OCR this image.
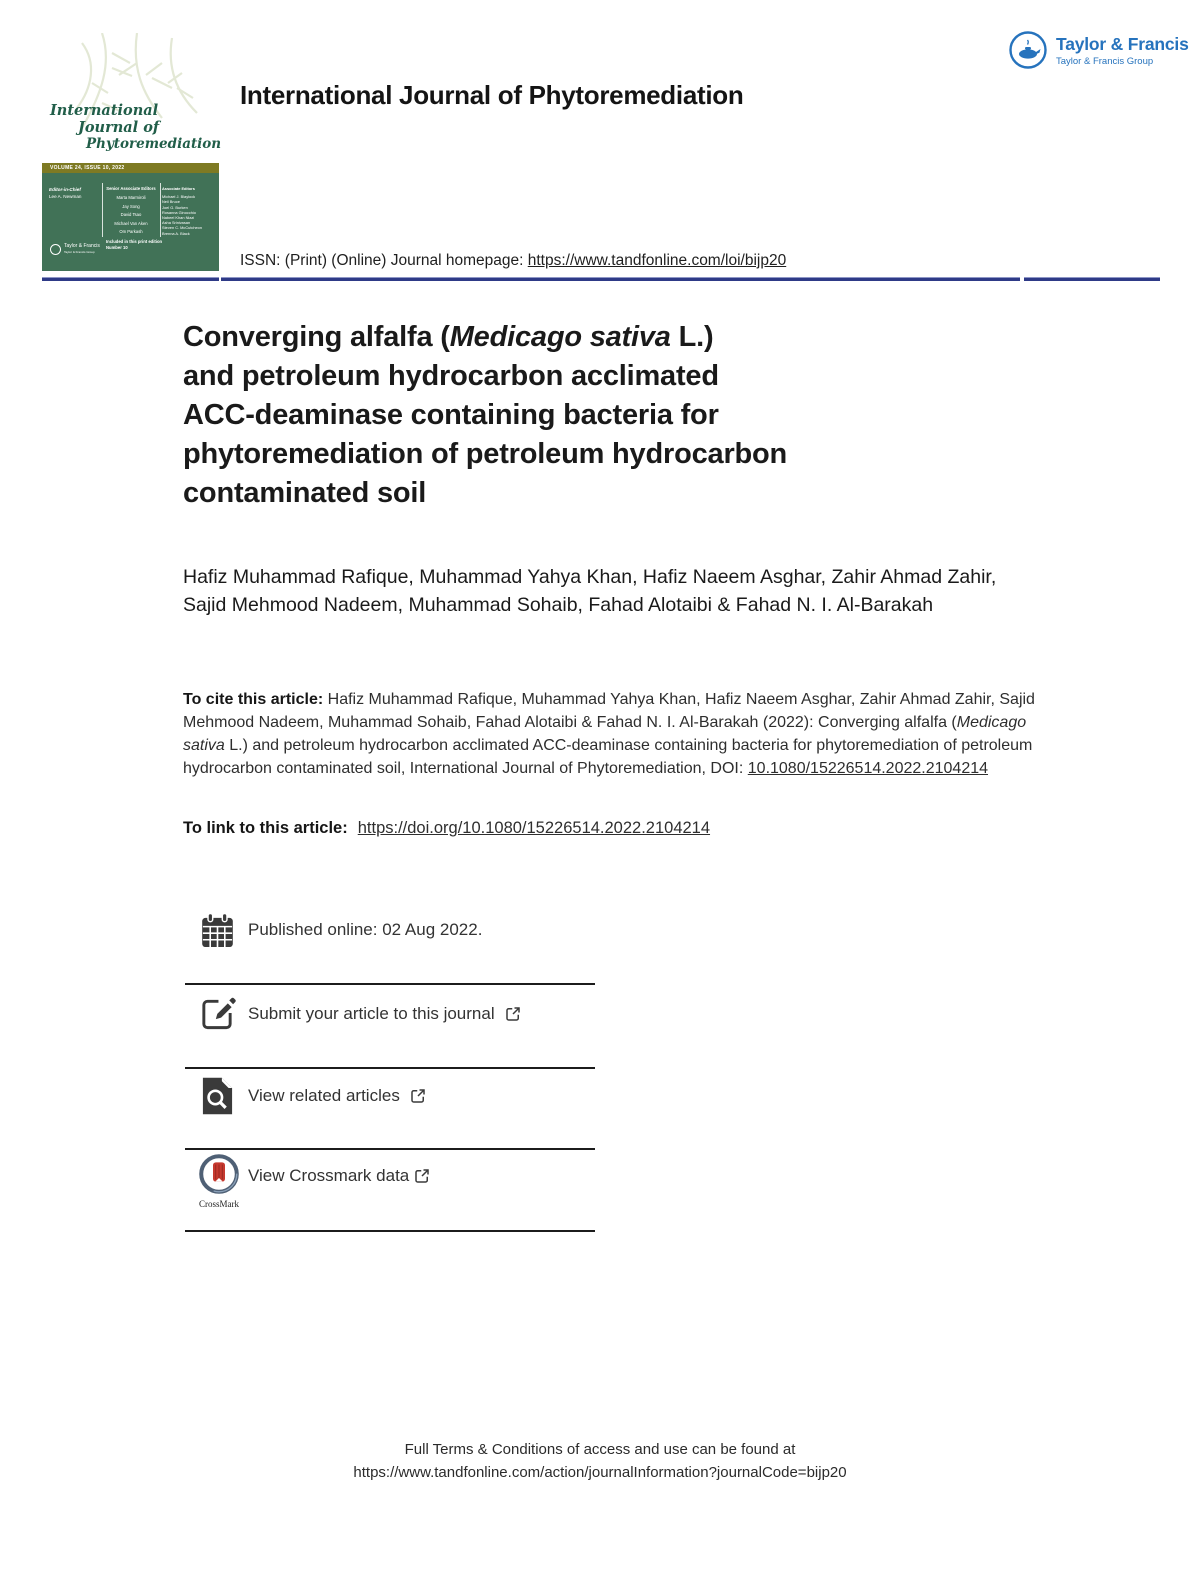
International
Journal of
Phytoremediation
VOLUME 24, ISSUE 10, 2022
Editor-in-Chief
Lee A. Newman
Senior Associate Editors
Marta Marmiroli
Jay Song
David Tsao
Michael Van Aken
Om Parkash
Associate Editors
Michael J. Blaylock
Neil Bruce
Joel G. Burken
Rosanna Ginocchio
Nabeel Khan Niazi
Asha Srinivasan
Steven C. McCutcheon
Brenna A. Black
Included in this print edition
Number 10
Taylor & Francis
Taylor & Francis Group
Taylor & Francis
Taylor & Francis Group
International Journal of Phytoremediation
ISSN: (Print) (Online) Journal homepage: https://www.tandfonline.com/loi/bijp20
Converging alfalfa (Medicago sativa L.)
and petroleum hydrocarbon acclimated
ACC-deaminase containing bacteria for
phytoremediation of petroleum hydrocarbon
contaminated soil
Hafiz Muhammad Rafique, Muhammad Yahya Khan, Hafiz Naeem Asghar, Zahir Ahmad Zahir, Sajid Mehmood Nadeem, Muhammad Sohaib, Fahad Alotaibi & Fahad N. I. Al-Barakah
To cite this article: Hafiz Muhammad Rafique, Muhammad Yahya Khan, Hafiz Naeem Asghar, Zahir Ahmad Zahir, Sajid Mehmood Nadeem, Muhammad Sohaib, Fahad Alotaibi & Fahad N. I. Al-Barakah (2022): Converging alfalfa (Medicago sativa L.) and petroleum hydrocarbon acclimated ACC-deaminase containing bacteria for phytoremediation of petroleum hydrocarbon contaminated soil, International Journal of Phytoremediation, DOI: 10.1080/15226514.2022.2104214
To link to this article: https://doi.org/10.1080/15226514.2022.2104214
Published online: 02 Aug 2022.
Submit your article to this journal
View related articles
CrossMark
View Crossmark data
Full Terms & Conditions of access and use can be found at
https://www.tandfonline.com/action/journalInformation?journalCode=bijp20
